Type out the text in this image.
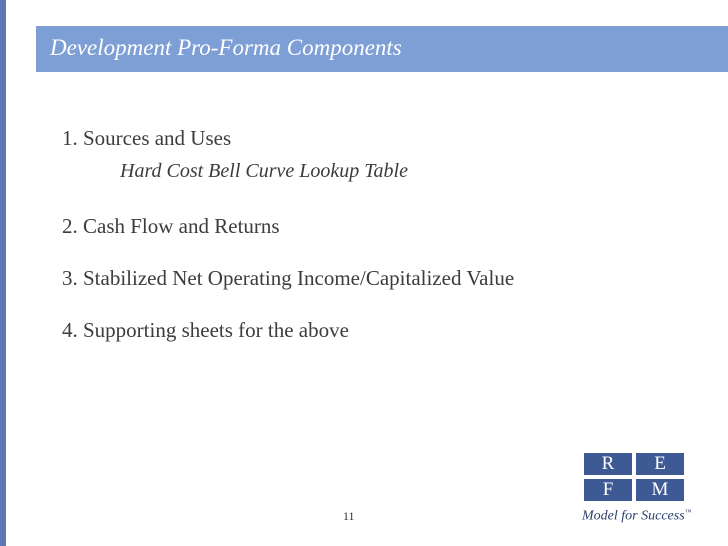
Development Pro-Forma Components
1. Sources and Uses
Hard Cost Bell Curve Lookup Table
2. Cash Flow and Returns
3. Stabilized Net Operating Income/Capitalized Value
4. Supporting sheets for the above
11
R	E
F	M
Model for Success™
